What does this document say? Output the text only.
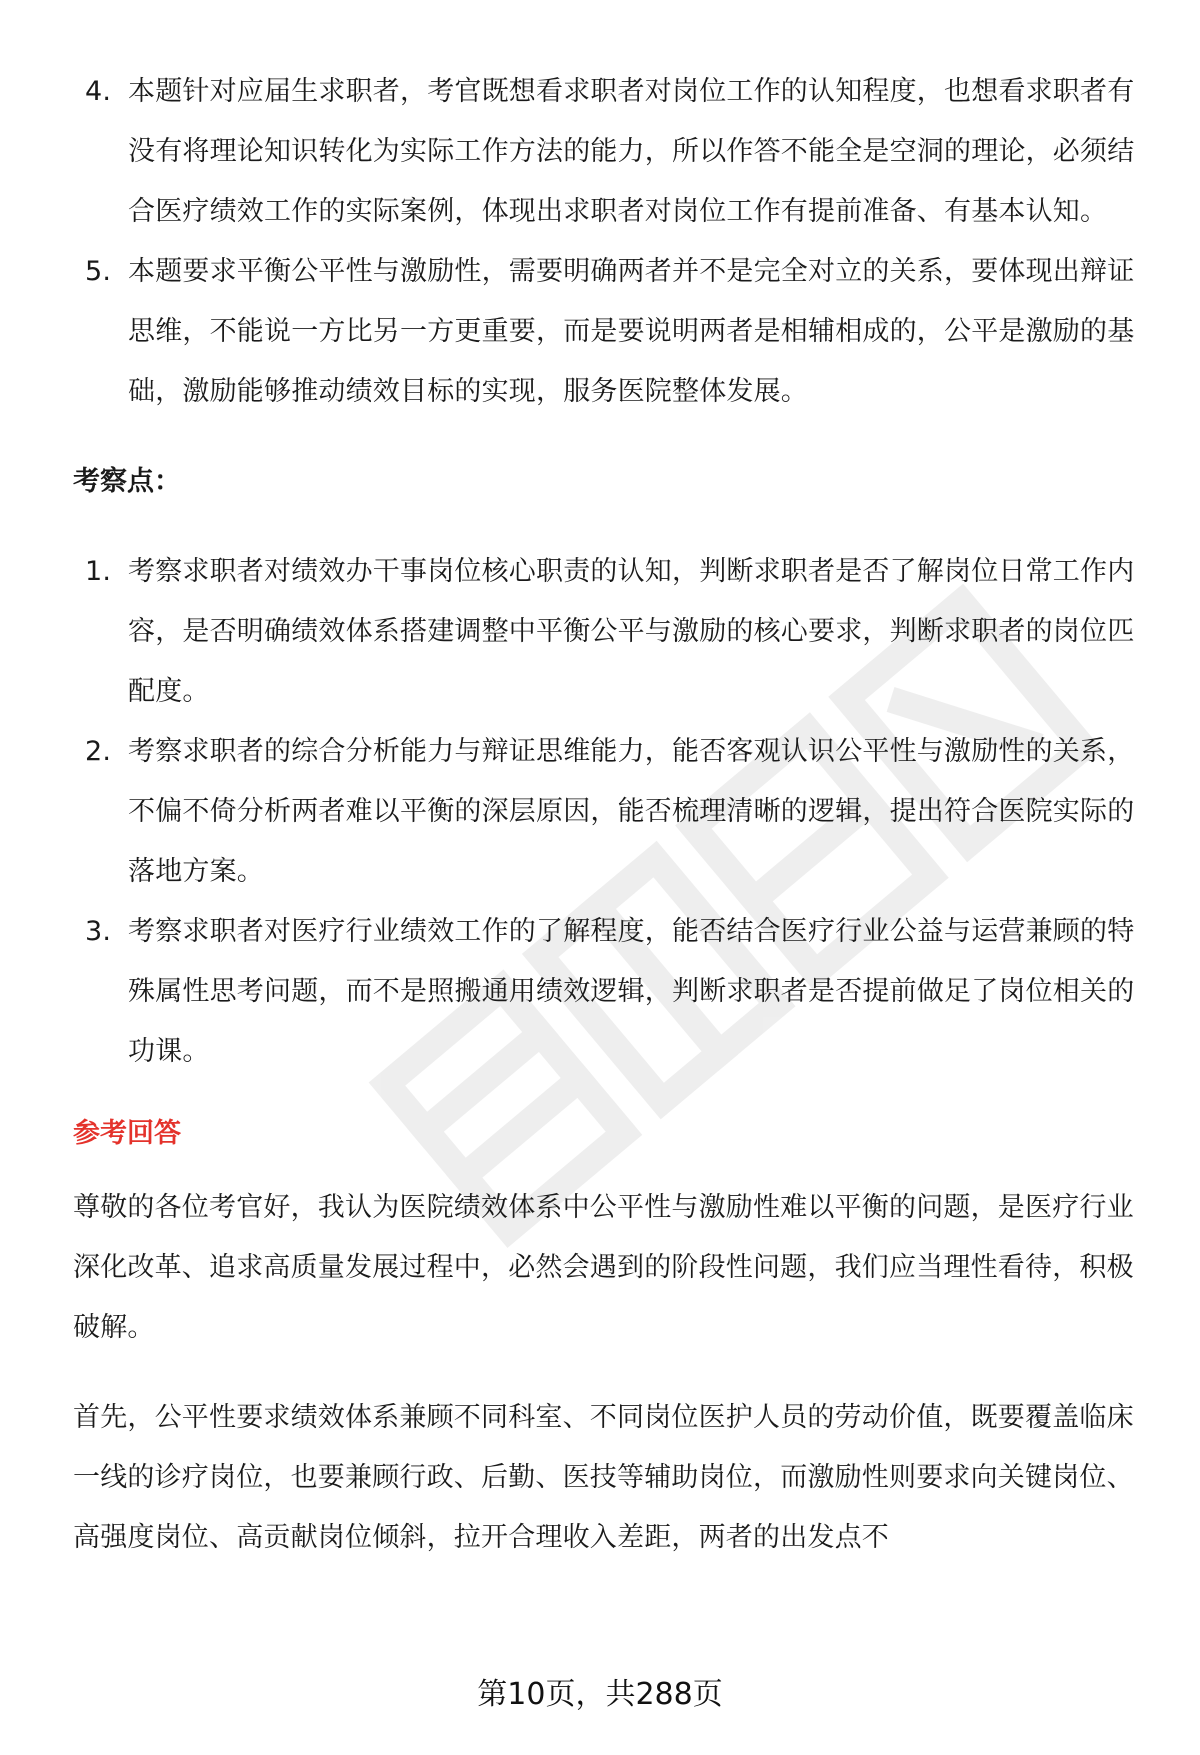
4. 本题针对应届生求职者，考官既想看求职者对岗位工作的认知程度，也想看求职者有没有将理论知识转化为实际工作方法的能力，所以作答不能全是空洞的理论，必须结合医疗绩效工作的实际案例，体现出求职者对岗位工作有提前准备、有基本认知。
5. 本题要求平衡公平性与激励性，需要明确两者并不是完全对立的关系，要体现出辩证思维，不能说一方比另一方更重要，而是要说明两者是相辅相成的，公平是激励的基础，激励能够推动绩效目标的实现，服务医院整体发展。
考察点：
1. 考察求职者对绩效办干事岗位核心职责的认知，判断求职者是否了解岗位日常工作内容，是否明确绩效体系搭建调整中平衡公平与激励的核心要求，判断求职者的岗位匹配度。
2. 考察求职者的综合分析能力与辩证思维能力，能否客观认识公平性与激励性的关系，不偏不倚分析两者难以平衡的深层原因，能否梳理清晰的逻辑，提出符合医院实际的落地方案。
3. 考察求职者对医疗行业绩效工作的了解程度，能否结合医疗行业公益与运营兼顾的特殊属性思考问题，而不是照搬通用绩效逻辑，判断求职者是否提前做足了岗位相关的功课。
参考回答

尊敬的各位考官好，我认为医院绩效体系中公平性与激励性难以平衡的问题，是医疗行业深化改革、追求高质量发展过程中，必然会遇到的阶段性问题，我们应当理性看待，积极破解。

首先，公平性要求绩效体系兼顾不同科室、不同岗位医护人员的劳动价值，既要覆盖临床一线的诊疗岗位，也要兼顾行政、后勤、医技等辅助岗位，而激励性则要求向关键岗位、高强度岗位、高贡献岗位倾斜，拉开合理收入差距，两者的出发点不

第10页，共288页
